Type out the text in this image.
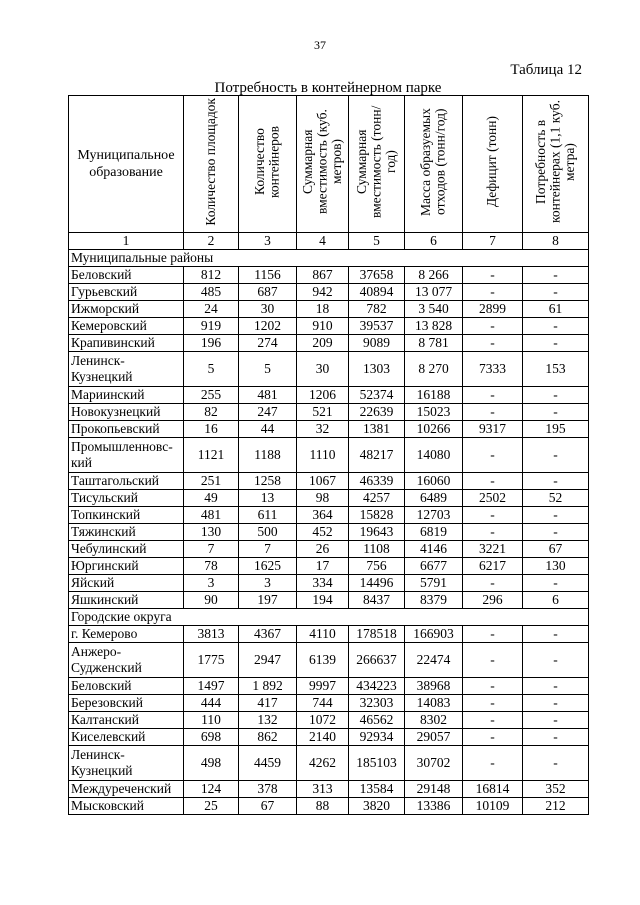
37
Таблица 12
Потребность в контейнерном парке
Муниципальное образование	Количество площадок	Количество контейнеров	Суммарная вместимость (куб. метров)	Суммарная вместимость (тонн/год)	Масса образуемых отходов (тонн/год)	Дефицит (тонн)	Потребность в контейнерах (1,1 куб. метра)
1	2	3	4	5	6	7	8
Муниципальные районы							
Беловский	812	1156	867	37658	8 266	-	-
Гурьевский	485	687	942	40894	13 077	-	-
Ижморский	24	30	18	782	3 540	2899	61
Кемеровский	919	1202	910	39537	13 828	-	-
Крапивинский	196	274	209	9089	8 781	-	-
Ленинск-Кузнецкий	5	5	30	1303	8 270	7333	153
Мариинский	255	481	1206	52374	16188	-	-
Новокузнецкий	82	247	521	22639	15023	-	-
Прокопьевский	16	44	32	1381	10266	9317	195
Промышленновс-кий	1121	1188	1110	48217	14080	-	-
Таштагольский	251	1258	1067	46339	16060	-	-
Тисульский	49	13	98	4257	6489	2502	52
Топкинский	481	611	364	15828	12703	-	-
Тяжинский	130	500	452	19643	6819	-	-
Чебулинский	7	7	26	1108	4146	3221	67
Юргинский	78	1625	17	756	6677	6217	130
Яйский	3	3	334	14496	5791	-	-
Яшкинский	90	197	194	8437	8379	296	6
Городские округа							
г. Кемерово	3813	4367	4110	178518	166903	-	-
Анжеро-Судженский	1775	2947	6139	266637	22474	-	-
Беловский	1497	1 892	9997	434223	38968	-	-
Березовский	444	417	744	32303	14083	-	-
Калтанский	110	132	1072	46562	8302	-	-
Киселевский	698	862	2140	92934	29057	-	-
Ленинск-Кузнецкий	498	4459	4262	185103	30702	-	-
Междуреченский	124	378	313	13584	29148	16814	352
Мысковский	25	67	88	3820	13386	10109	212
